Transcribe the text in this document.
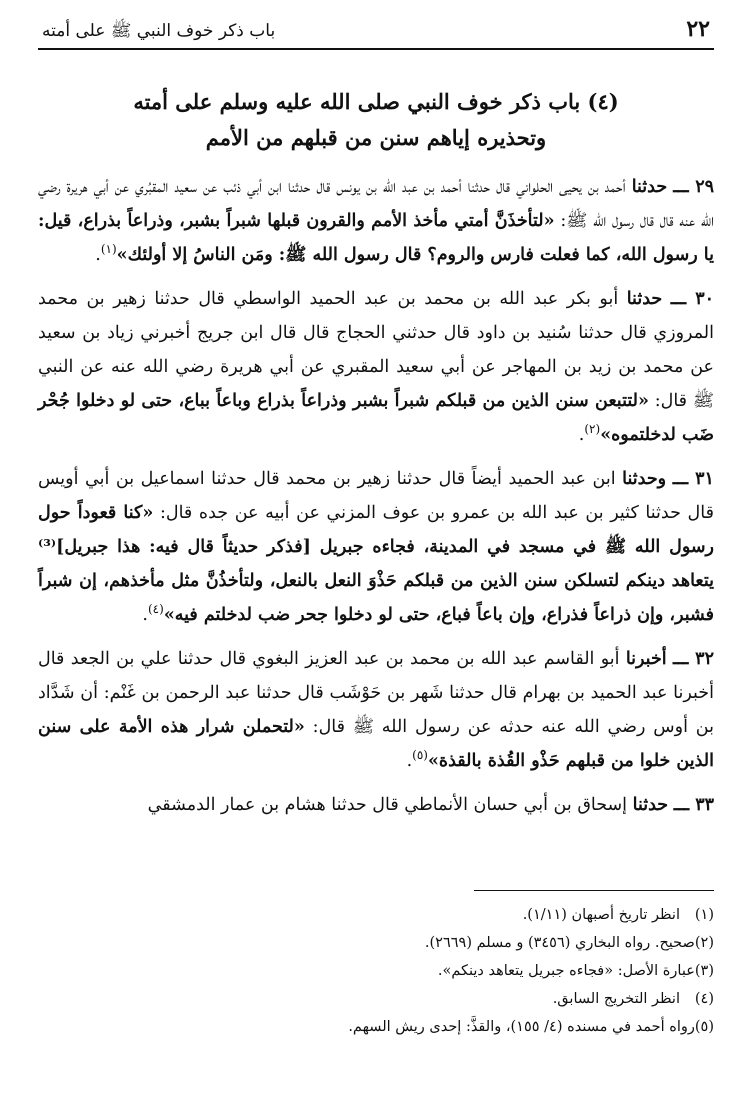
٢٢
باب ذكر خوف النبي ﷺ على أمته
(٤) باب ذكر خوف النبي صلى الله عليه وسلم على أمته
وتحذيره إياهم سنن من قبلهم من الأمم

٢٩ ـــ حدثنا أحمد بن يحيى الحلواني قال حدثنا أحمد بن عبد الله بن يونس قال حدثنا ابن أبي ذئب عن سعيد المقبُري عن أبي هريرة رضي الله عنه قال قال رسول الله ﷺ: «لتأخذَنَّ أمتي مأخذ الأمم والقرون قبلها شبراً بشبر، وذراعاً بذراع، قيل: يا رسول الله، كما فعلت فارس والروم؟ قال رسول الله ﷺ: ومَن الناسُ إلا أولئك»$^{(١)}$.

٣٠ ـــ حدثنا أبو بكر عبد الله بن محمد بن عبد الحميد الواسطي قال حدثنا زهير بن محمد المروزي قال حدثنا سُنيد بن داود قال حدثني الحجاج قال قال ابن جريج أخبرني زياد بن سعيد عن محمد بن زيد بن المهاجر عن أبي سعيد المقبري عن أبي هريرة رضي الله عنه عن النبي ﷺ قال: «لتتبعن سنن الذين من قبلكم شبراً بشبر وذراعاً بذراع وباعاً بباع، حتى لو دخلوا جُحْر ضَب لدخلتموه»$^{(٢)}$.

٣١ ـــ وحدثنا ابن عبد الحميد أيضاً قال حدثنا زهير بن محمد قال حدثنا اسماعيل بن أبي أويس قال حدثنا كثير بن عبد الله بن عمرو بن عوف المزني عن أبيه عن جده قال: «كنا قعوداً حول رسول الله ﷺ في مسجد في المدينة، فجاءه جبريل [فذكر حديثاً قال فيه: هذا جبريل]⁽³⁾ يتعاهد دينكم لتسلكن سنن الذين من قبلكم حَذْوَ النعل بالنعل، ولتأخذُنَّ مثل مأخذهم، إن شبراً فشبر، وإن ذراعاً فذراع، وإن باعاً فباع، حتى لو دخلوا جحر ضب لدخلتم فيه»$^{(٤)}$.

٣٢ ـــ أخبرنا أبو القاسم عبد الله بن محمد بن عبد العزيز البغوي قال حدثنا علي بن الجعد قال أخبرنا عبد الحميد بن بهرام قال حدثنا شَهر بن حَوْشَب قال حدثنا عبد الرحمن بن غَنْم: أن شَدَّاد بن أوس رضي الله عنه حدثه عن رسول الله ﷺ قال: «لتحملن شرار هذه الأمة على سنن الذين خلوا من قبلهم حَذْو القُذة بالقذة»$^{(٥)}$.

٣٣ ـــ حدثنا إسحاق بن أبي حسان الأنماطي قال حدثنا هشام بن عمار الدمشقي

(١)
انظر تاريخ أصبهان (١/١١).
(٢)
صحيح. رواه البخاري (٣٤٥٦) و مسلم (٢٦٦٩).
(٣)
عبارة الأصل: «فجاءه جبريل يتعاهد دينكم».
(٤)
انظر التخريج السابق.
(٥)
رواه أحمد في مسنده (٤/ ١٥٥)، والقذَّ: إحدى ريش السهم.
